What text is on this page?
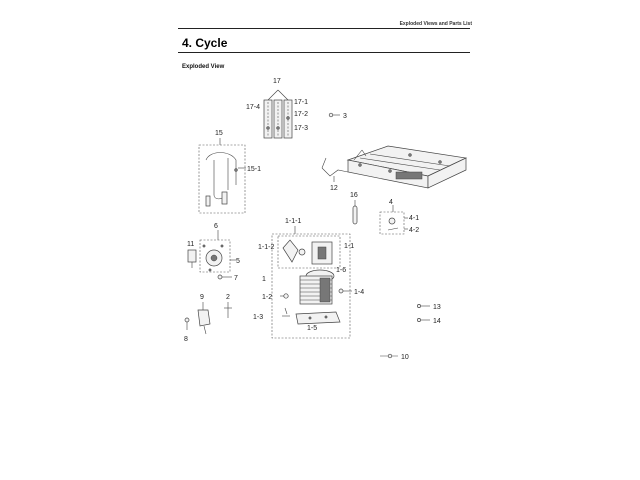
Exploded Views and Parts List
4. Cycle
Exploded View
17
17-4
17-1
17-2
17-3
3
15
15-1
12
16
4
4-1
4-2
1-1-1
1-1-2	1-1
1-6
1
1-2
1-4
1-3
1-5
6
11
5
7
9	2
8
13
14
10
